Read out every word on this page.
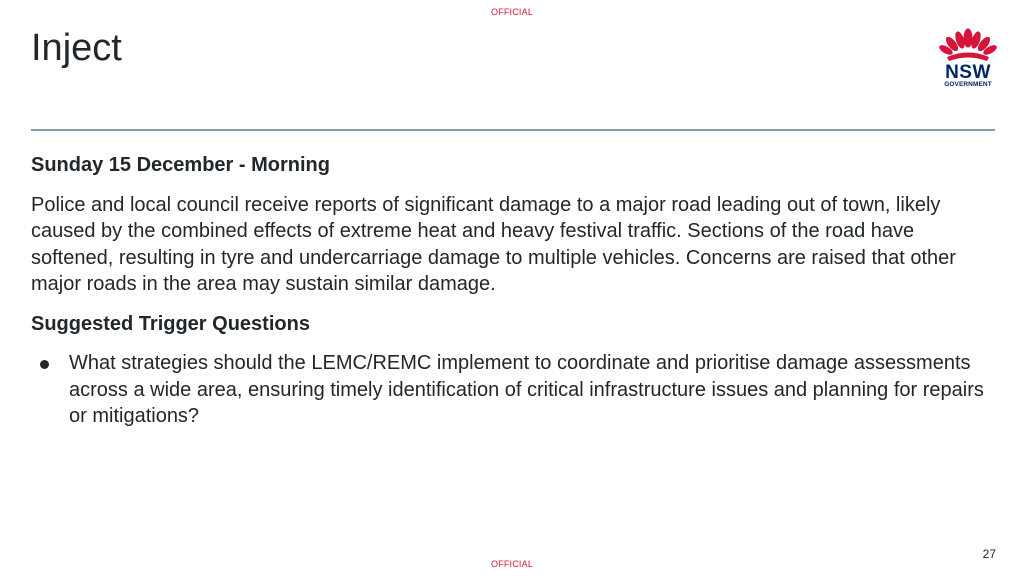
OFFICIAL
Inject
NSW
GOVERNMENT
Sunday 15 December - Morning
Police and local council receive reports of significant damage to a major road leading out of town, likely caused by the combined effects of extreme heat and heavy festival traffic. Sections of the road have softened, resulting in tyre and undercarriage damage to multiple vehicles. Concerns are raised that other major roads in the area may sustain similar damage.
Suggested Trigger Questions
What strategies should the LEMC/REMC implement to coordinate and prioritise damage assessments across a wide area, ensuring timely identification of critical infrastructure issues and planning for repairs or mitigations?
27
OFFICIAL
